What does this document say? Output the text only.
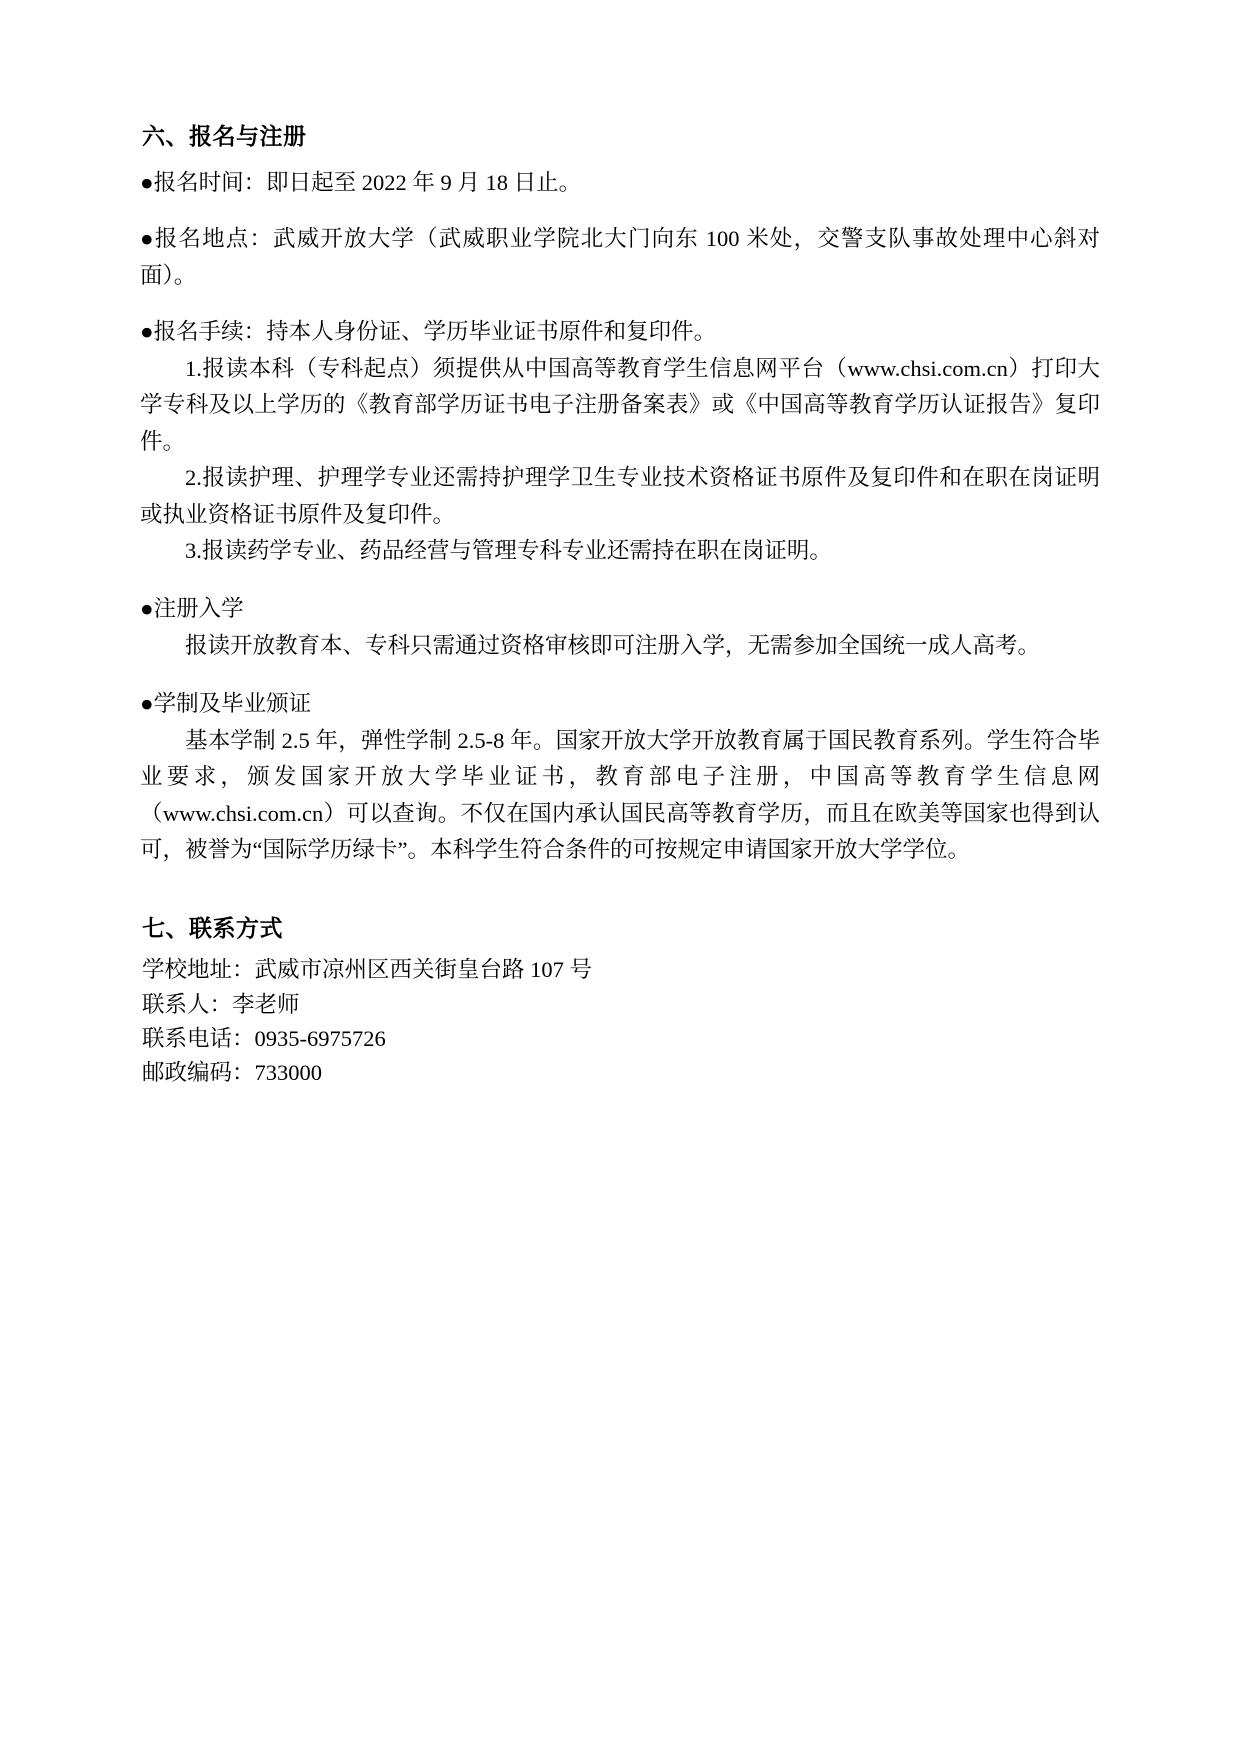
六、报名与注册

●报名时间：即日起至 2022 年 9 月 18 日止。

●报名地点：武威开放大学（武威职业学院北大门向东 100 米处，交警支队事故处理中心斜对面）。

●报名手续：持本人身份证、学历毕业证书原件和复印件。

1.报读本科（专科起点）须提供从中国高等教育学生信息网平台（www.chsi.com.cn）打印大学专科及以上学历的《教育部学历证书电子注册备案表》或《中国高等教育学历认证报告》复印件。

2.报读护理、护理学专业还需持护理学卫生专业技术资格证书原件及复印件和在职在岗证明或执业资格证书原件及复印件。

3.报读药学专业、药品经营与管理专科专业还需持在职在岗证明。

●注册入学

报读开放教育本、专科只需通过资格审核即可注册入学，无需参加全国统一成人高考。

●学制及毕业颁证

基本学制 2.5 年，弹性学制 2.5-8 年。国家开放大学开放教育属于国民教育系列。学生符合毕业要求，颁发国家开放大学毕业证书，教育部电子注册，中国高等教育学生信息网（www.chsi.com.cn）可以查询。不仅在国内承认国民高等教育学历，而且在欧美等国家也得到认可，被誉为“国际学历绿卡”。本科学生符合条件的可按规定申请国家开放大学学位。

七、联系方式

学校地址：武威市凉州区西关街皇台路 107 号

联系人：李老师

联系电话：0935-6975726

邮政编码：733000
